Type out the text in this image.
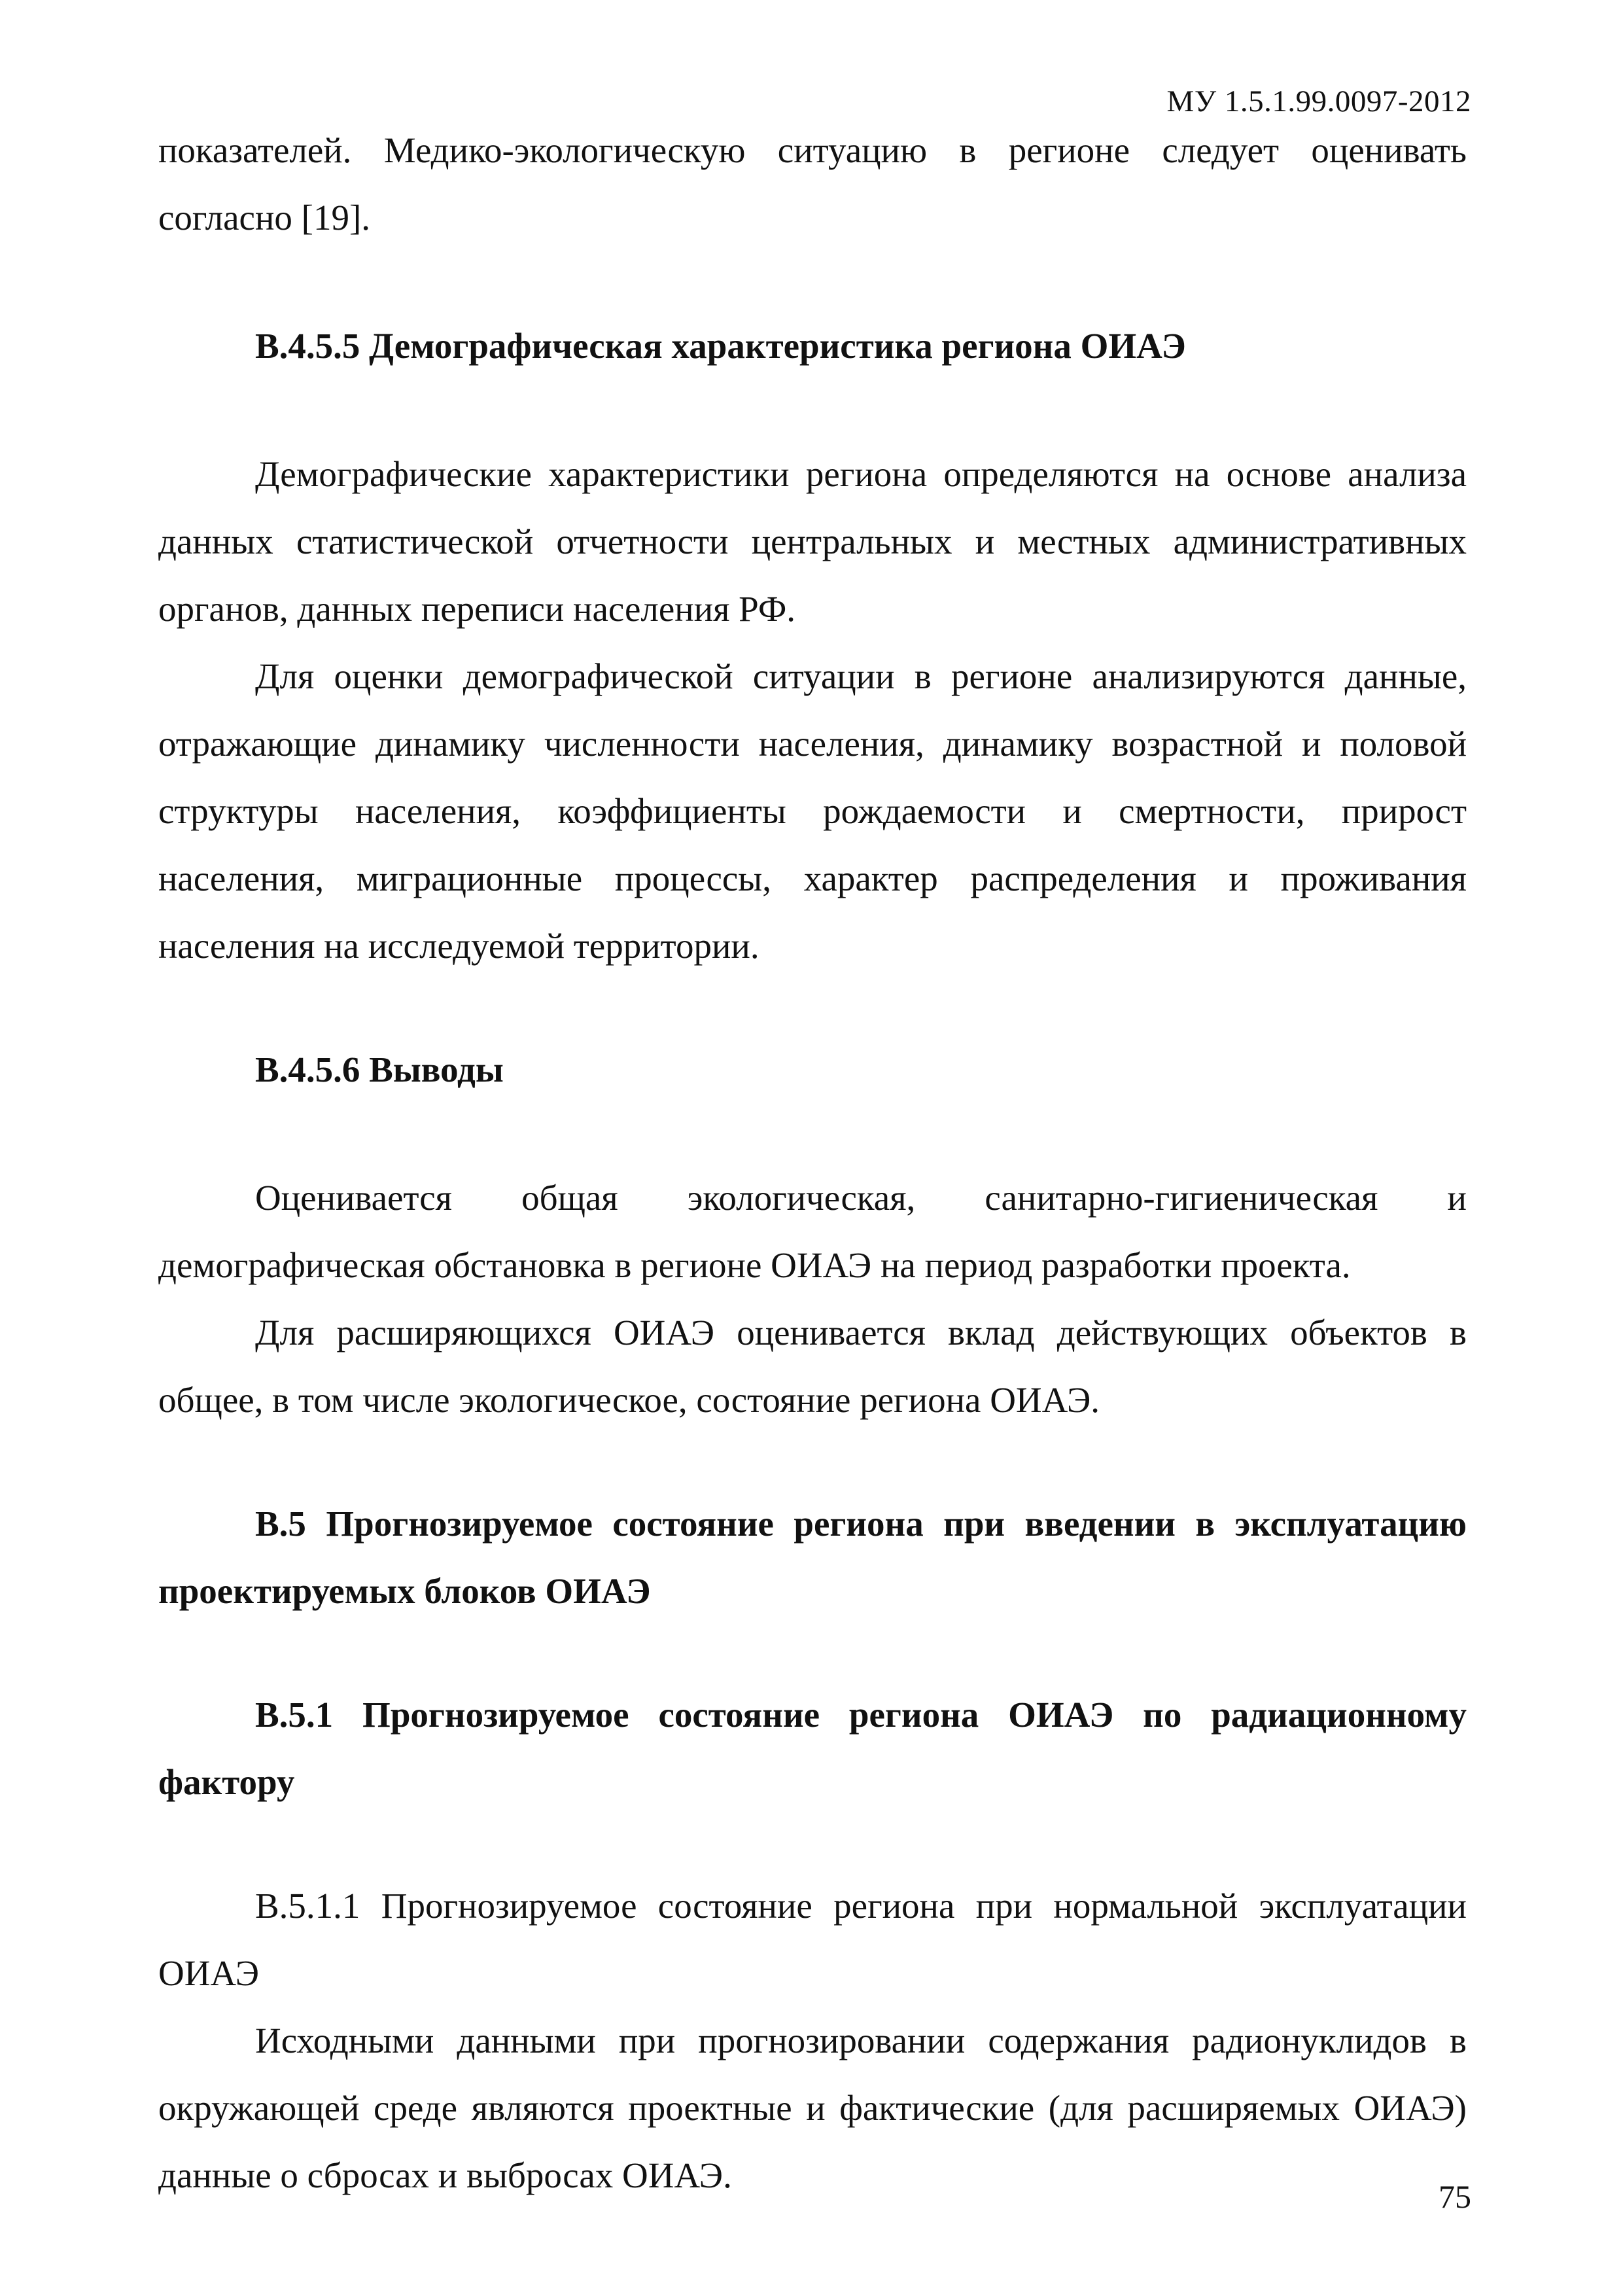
МУ 1.5.1.99.0097-2012

показателей. Медико-экологическую ситуацию в регионе следует оценивать согласно [19].

В.4.5.5 Демографическая характеристика региона ОИАЭ

Демографические характеристики региона определяются на основе анализа данных статистической отчетности центральных и местных административных органов, данных переписи населения РФ.

Для оценки демографической ситуации в регионе анализируются данные, отражающие динамику численности населения, динамику возрастной и половой структуры населения, коэффициенты рождаемости и смертности, прирост населения, миграционные процессы, характер распределения и проживания населения на исследуемой территории.

В.4.5.6 Выводы

Оценивается общая экологическая, санитарно-гигиеническая и демографическая обстановка в регионе ОИАЭ на период разработки проекта.

Для расширяющихся ОИАЭ оценивается вклад действующих объектов в общее, в том числе экологическое, состояние региона ОИАЭ.

В.5 Прогнозируемое состояние региона при введении в эксплуатацию проектируемых блоков ОИАЭ

В.5.1 Прогнозируемое состояние региона ОИАЭ по радиационному фактору

В.5.1.1 Прогнозируемое состояние региона при нормальной эксплуатации ОИАЭ

Исходными данными при прогнозировании содержания радионуклидов в окружающей среде являются проектные и фактические (для расширяемых ОИАЭ) данные о сбросах и выбросах ОИАЭ.

75
